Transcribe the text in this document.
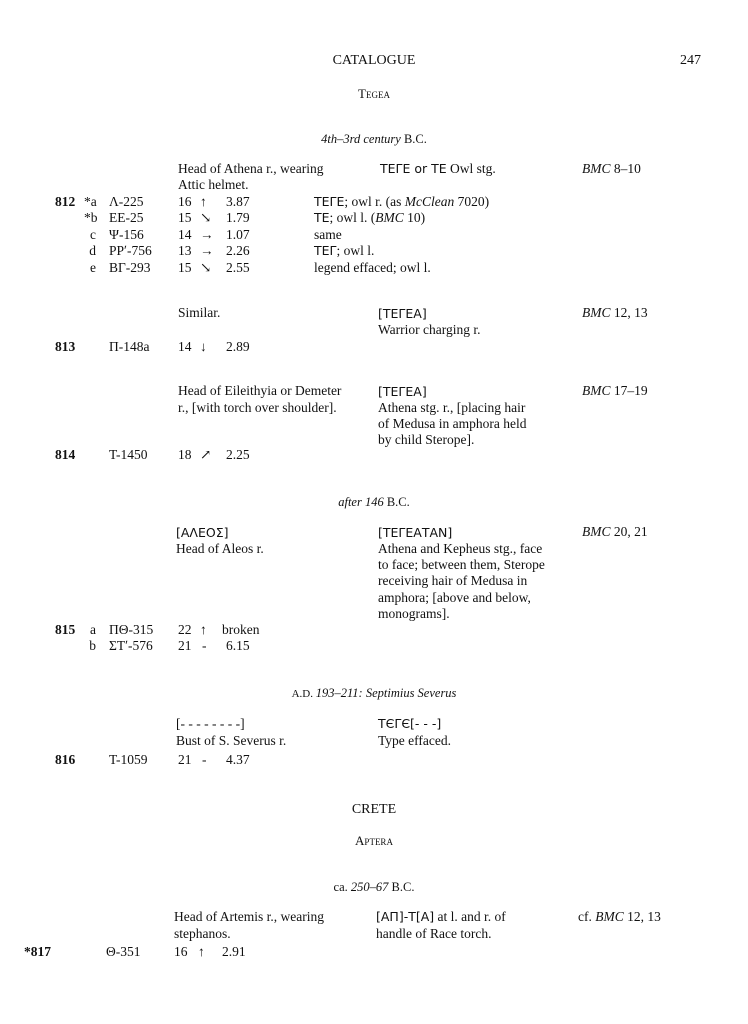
CATALOGUE	247
Tegea
4th–3rd century B.C.
Head of Athena r., wearing
Attic helmet.
ΤΕΓΕ or ΤΕ Owl stg.	BMC 8–10
812 *a Λ-225	16 ↑ 3.87	ΤΕΓΕ; owl r. (as McClean 7020)
*b ΕΕ-25	15 ↘ 1.79	ΤΕ; owl l. (BMC 10)
c Ψ-156	14 → 1.07	same
d ΡΡʹ-756 13 → 2.26	ΤΕΓ; owl l.
e ΒΓ-293 15 ↘ 2.55	legend effaced; owl l.
Similar.	[ΤΕΓΕΑ]
Warrior charging r.
BMC 12, 13
813	Π-148a 14 ↓ 2.89
Head of Eileithyia or Demeter
r., [with torch over shoulder].
[ΤΕΓΕΑ]
Athena stg. r., [placing hair
of Medusa in amphora held
by child Sterope].
BMC 17–19
814	Τ-1450 18 ↗ 2.25
after 146 B.C.
[ΑΛΕΟΣ]
Head of Aleos r.
[ΤΕΓΕΑΤΑΝ]
Athena and Kepheus stg., face
to face; between them, Sterope
receiving hair of Medusa in
amphora; [above and below,
monograms].
BMC 20, 21
815	a ΠΘ-315 22 ↑ broken
b ΣΤʹ-576 21 - 6.15
A.D. 193–211: Septimius Severus
[- - - - - - - -]
Bust of S. Severus r.
ΤЄΓЄ[- - -]
Type effaced.
816	Τ-1059 21 - 4.37
CRETE
Aptera
ca. 250–67 B.C.
Head of Artemis r., wearing
stephanos.
[ΑΠ]-Τ[Α] at l. and r. of
handle of Race torch.
cf. BMC 12, 13
*817	Θ-351 16 ↑ 2.91
